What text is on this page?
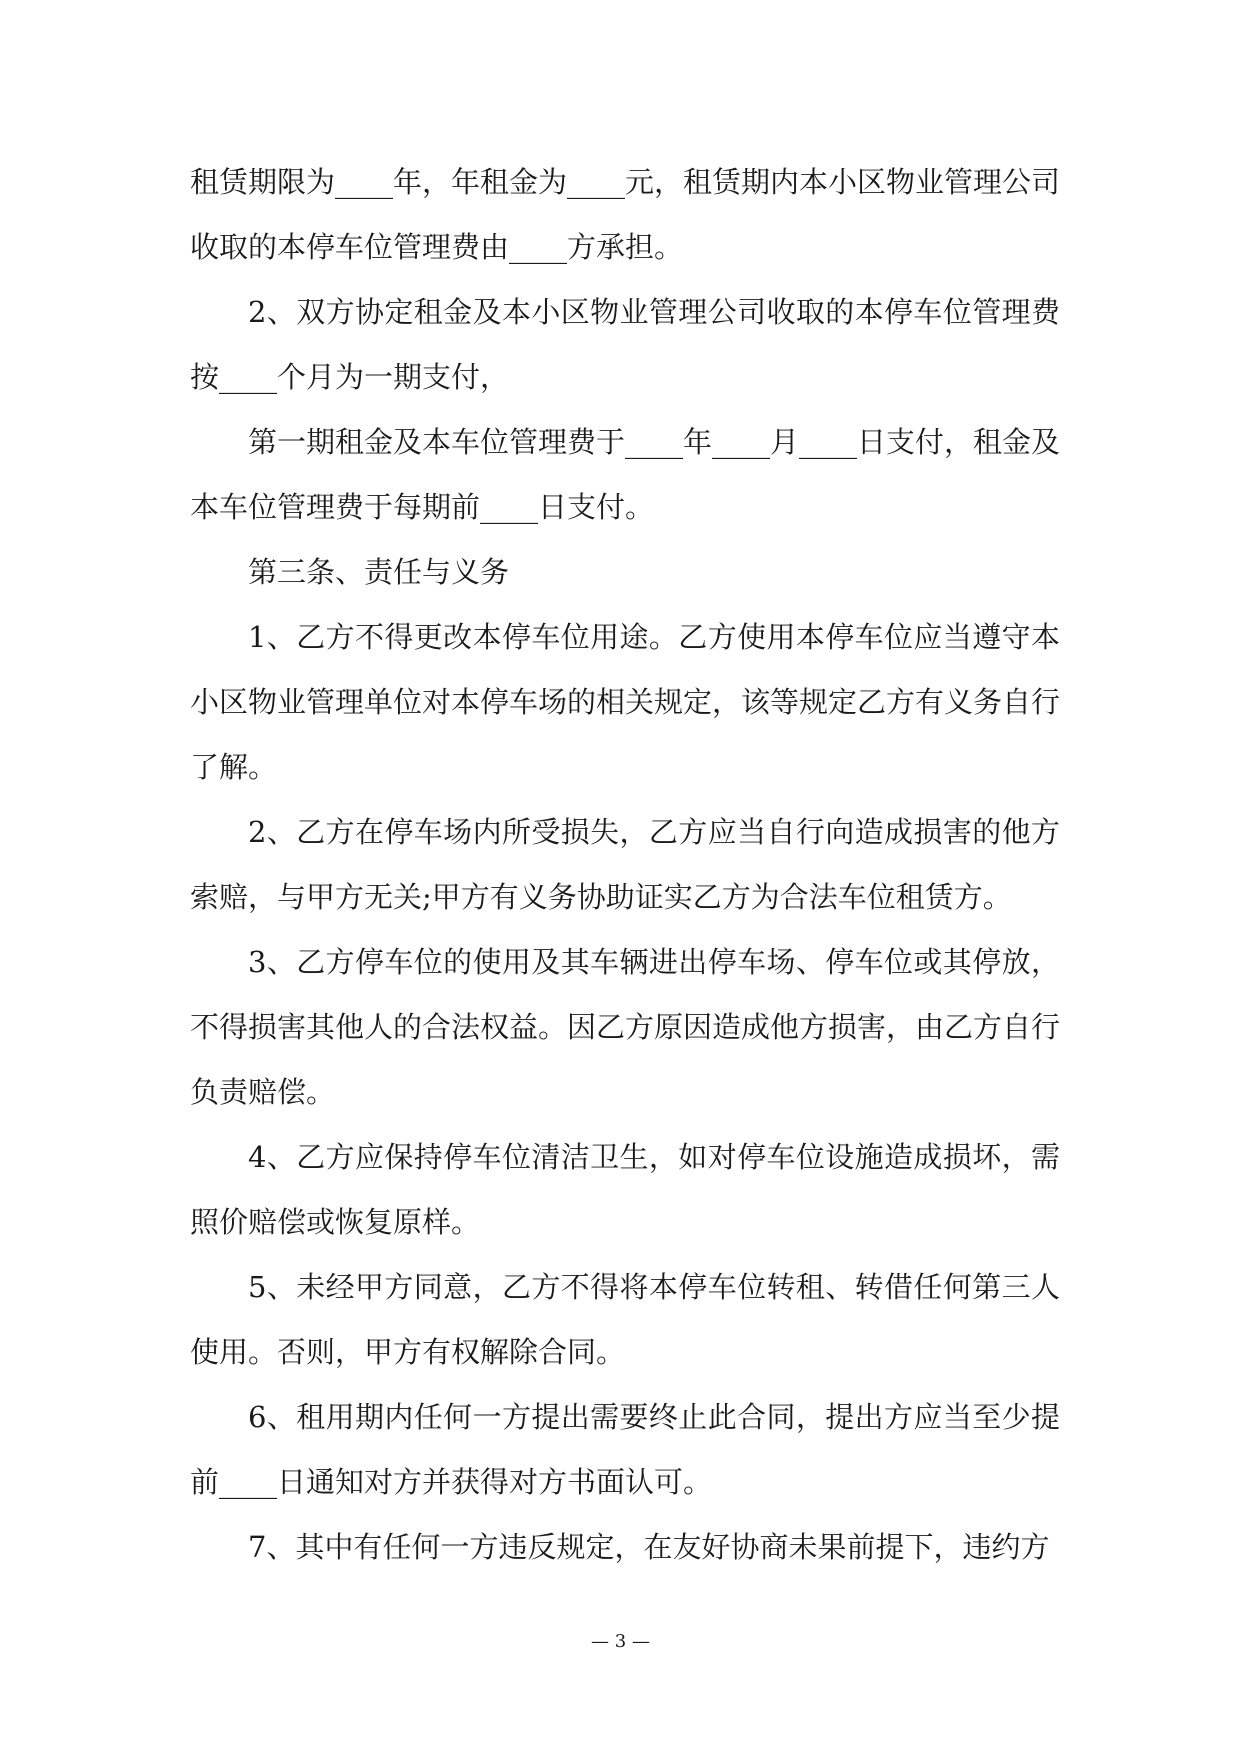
租赁期限为____年，年租金为____元，租赁期内本小区物业管理公司收取的本停车位管理费由____方承担。

2、双方协定租金及本小区物业管理公司收取的本停车位管理费按____个月为一期支付，

第一期租金及本车位管理费于____年____月____日支付，租金及本车位管理费于每期前____日支付。

第三条、责任与义务

1、乙方不得更改本停车位用途。乙方使用本停车位应当遵守本小区物业管理单位对本停车场的相关规定，该等规定乙方有义务自行了解。

2、乙方在停车场内所受损失，乙方应当自行向造成损害的他方索赔，与甲方无关;甲方有义务协助证实乙方为合法车位租赁方。

3、乙方停车位的使用及其车辆进出停车场、停车位或其停放，不得损害其他人的合法权益。因乙方原因造成他方损害，由乙方自行负责赔偿。

4、乙方应保持停车位清洁卫生，如对停车位设施造成损坏，需照价赔偿或恢复原样。

5、未经甲方同意，乙方不得将本停车位转租、转借任何第三人使用。否则，甲方有权解除合同。

6、租用期内任何一方提出需要终止此合同，提出方应当至少提前____日通知对方并获得对方书面认可。

7、其中有任何一方违反规定，在友好协商未果前提下，违约方

— 3 —
